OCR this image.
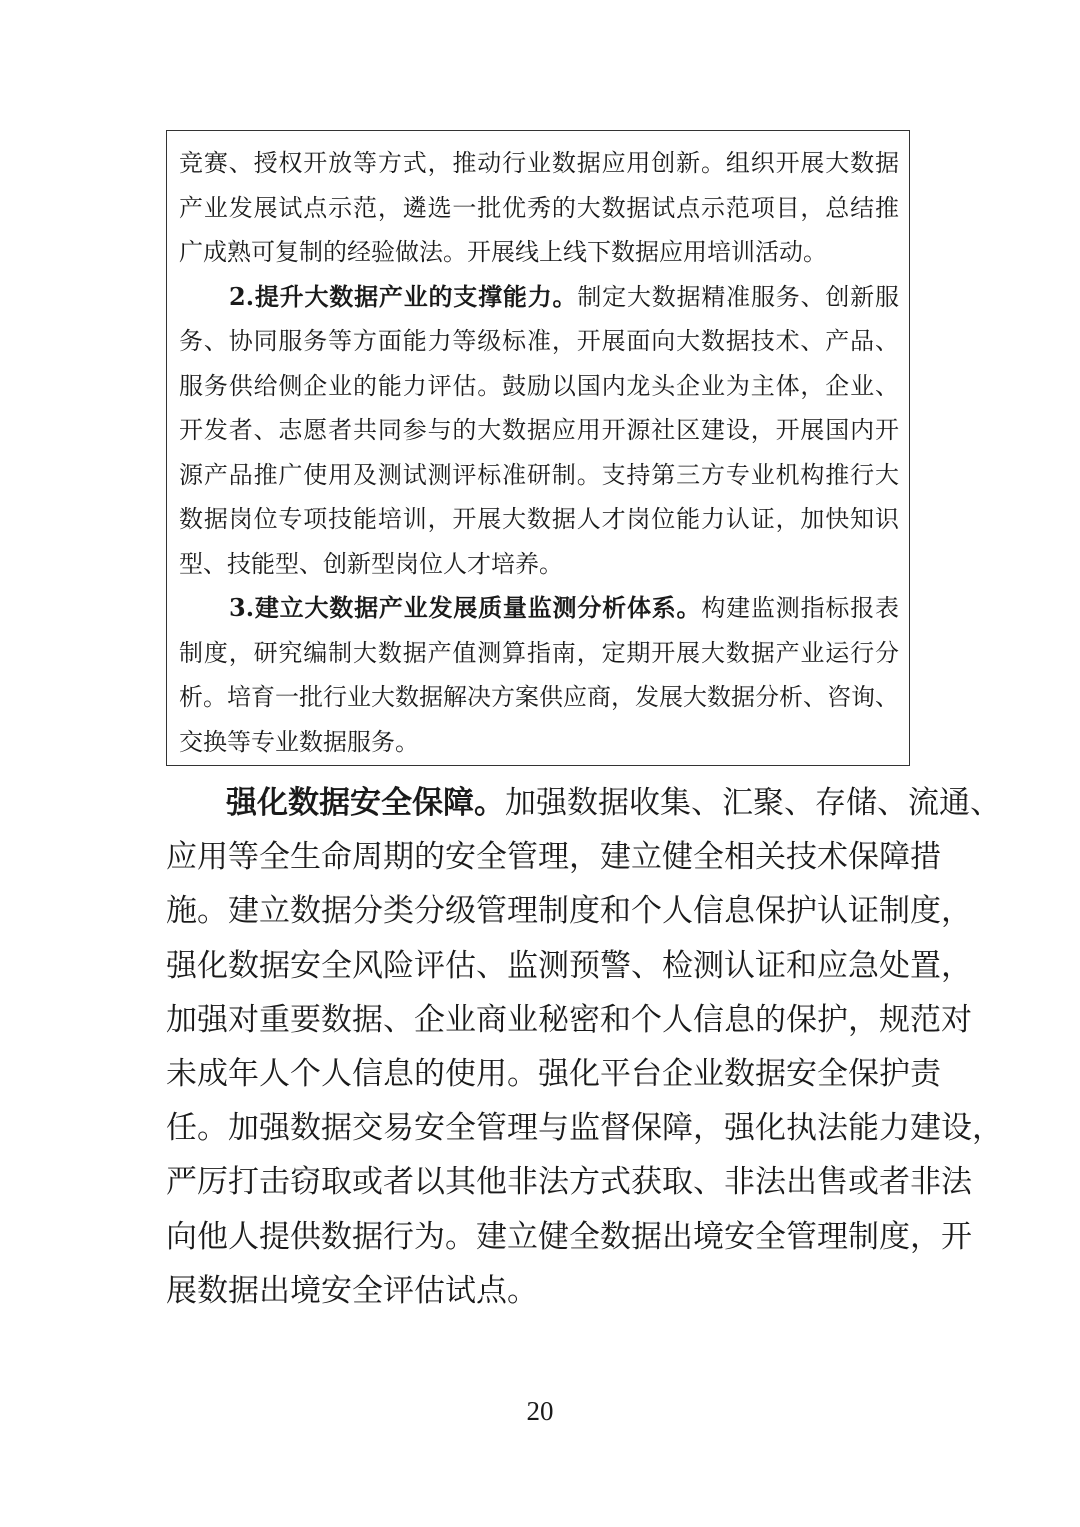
竞赛、授权开放等方式，推动行业数据应用创新。组织开展大数据
产业发展试点示范，遴选一批优秀的大数据试点示范项目，总结推
广成熟可复制的经验做法。开展线上线下数据应用培训活动。
2.提升大数据产业的支撑能力。制定大数据精准服务、创新服
务、协同服务等方面能力等级标准，开展面向大数据技术、产品、
服务供给侧企业的能力评估。鼓励以国内龙头企业为主体，企业、
开发者、志愿者共同参与的大数据应用开源社区建设，开展国内开
源产品推广使用及测试测评标准研制。支持第三方专业机构推行大
数据岗位专项技能培训，开展大数据人才岗位能力认证，加快知识
型、技能型、创新型岗位人才培养。
3.建立大数据产业发展质量监测分析体系。构建监测指标报表
制度，研究编制大数据产值测算指南，定期开展大数据产业运行分
析。培育一批行业大数据解决方案供应商，发展大数据分析、咨询、
交换等专业数据服务。
强化数据安全保障。加强数据收集、汇聚、存储、流通、
应用等全生命周期的安全管理，建立健全相关技术保障措
施。建立数据分类分级管理制度和个人信息保护认证制度，
强化数据安全风险评估、监测预警、检测认证和应急处置，
加强对重要数据、企业商业秘密和个人信息的保护，规范对
未成年人个人信息的使用。强化平台企业数据安全保护责
任。加强数据交易安全管理与监督保障，强化执法能力建设，
严厉打击窃取或者以其他非法方式获取、非法出售或者非法
向他人提供数据行为。建立健全数据出境安全管理制度，开
展数据出境安全评估试点。
20
